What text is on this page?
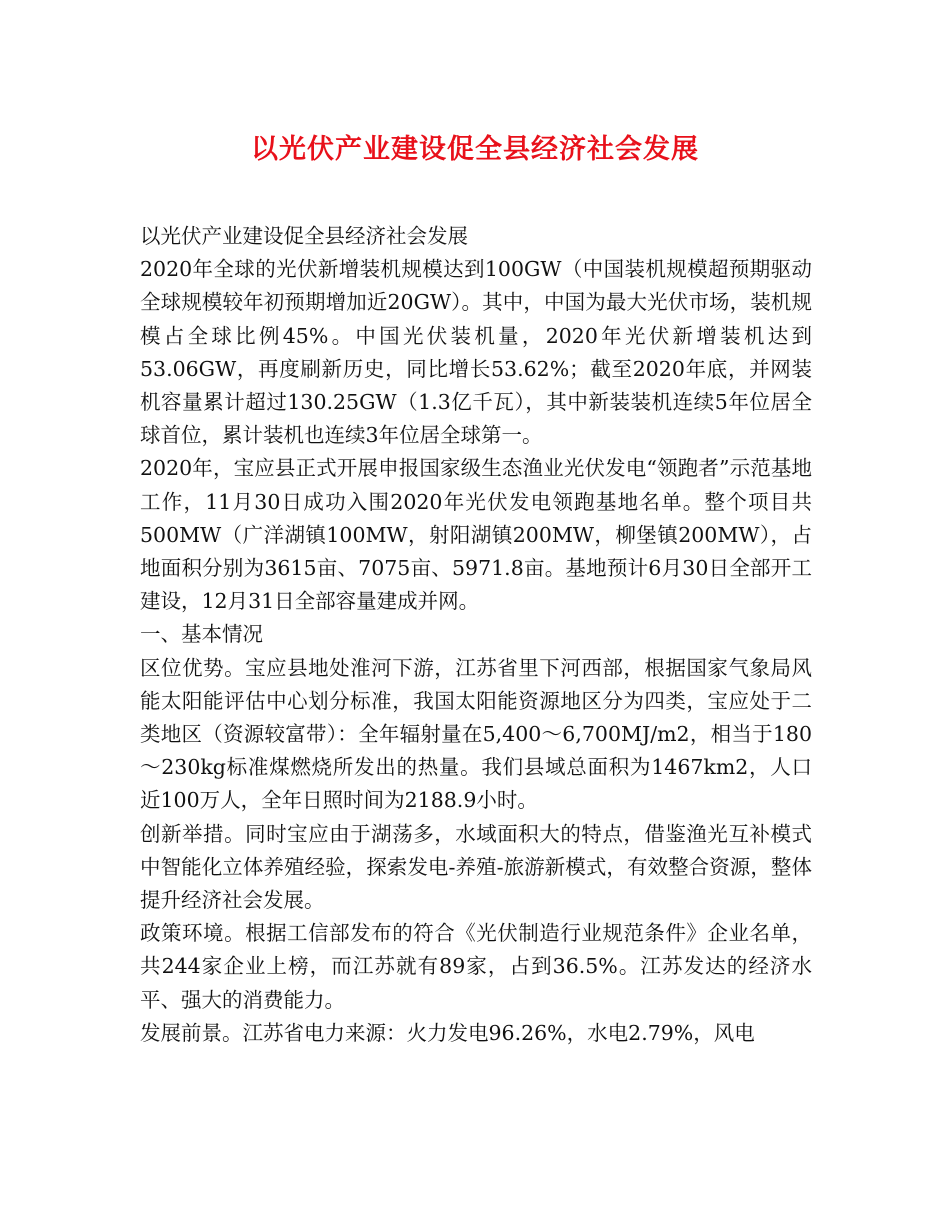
以光伏产业建设促全县经济社会发展

以光伏产业建设促全县经济社会发展

2020年全球的光伏新增装机规模达到100GW（中国装机规模超预期驱动全球规模较年初预期增加近20GW）。其中，中国为最大光伏市场，装机规模占全球比例45%。中国光伏装机量，2020年光伏新增装机达到53.06GW，再度刷新历史，同比增长53.62%；截至2020年底，并网装机容量累计超过130.25GW（1.3亿千瓦），其中新装装机连续5年位居全球首位，累计装机也连续3年位居全球第一。

2020年，宝应县正式开展申报国家级生态渔业光伏发电“领跑者”示范基地工作，11月30日成功入围2020年光伏发电领跑基地名单。整个项目共500MW（广洋湖镇100MW，射阳湖镇200MW，柳堡镇200MW），占地面积分别为3615亩、7075亩、5971.8亩。基地预计6月30日全部开工建设，12月31日全部容量建成并网。

一、基本情况

区位优势。宝应县地处淮河下游，江苏省里下河西部，根据国家气象局风能太阳能评估中心划分标准，我国太阳能资源地区分为四类，宝应处于二类地区（资源较富带）：全年辐射量在5,400～6,700MJ/m2，相当于180～230kg标准煤燃烧所发出的热量。我们县域总面积为1467km2，人口近100万人，全年日照时间为2188.9小时。

创新举措。同时宝应由于湖荡多，水域面积大的特点，借鉴渔光互补模式中智能化立体养殖经验，探索发电-养殖-旅游新模式，有效整合资源，整体提升经济社会发展。

政策环境。根据工信部发布的符合《光伏制造行业规范条件》企业名单，共244家企业上榜，而江苏就有89家，占到36.5%。江苏发达的经济水平、强大的消费能力。

发展前景。江苏省电力来源：火力发电96.26%，水电2.79%，风电
